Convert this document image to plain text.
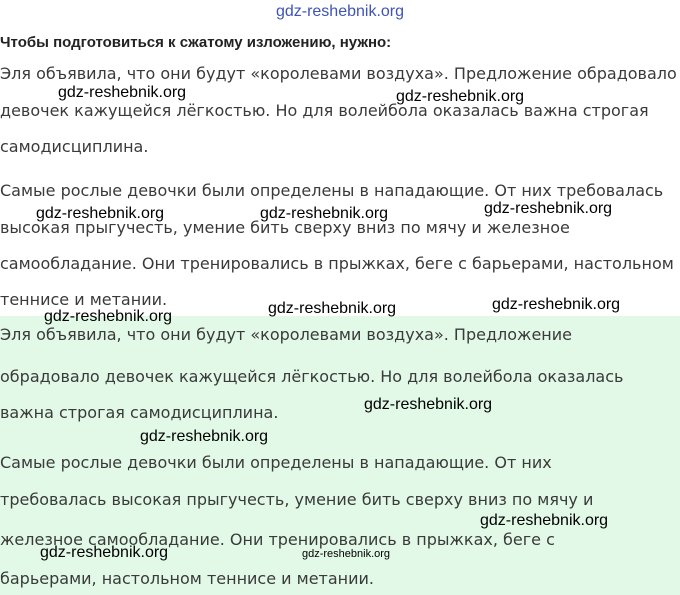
gdz-reshebnik.org
Чтобы подготовиться к сжатому изложению, нужно:
Эля объявила, что они будут «королевами воздуха». Предложение обрадовало
девочек кажущейся лёгкостью. Но для волейбола оказалась важна строгая
самодисциплина.
Самые рослые девочки были определены в нападающие. От них требовалась
высокая прыгучесть, умение бить сверху вниз по мячу и железное
самообладание. Они тренировались в прыжках, беге с барьерами, настольном
теннисе и метании.
Эля объявила, что они будут «королевами воздуха». Предложение
обрадовало девочек кажущейся лёгкостью. Но для волейбола оказалась
важна строгая самодисциплина.
Самые рослые девочки были определены в нападающие. От них
требовалась высокая прыгучесть, умение бить сверху вниз по мячу и
железное самообладание. Они тренировались в прыжках, беге с
барьерами, настольном теннисе и метании.
gdz-reshebnik.org	gdz-reshebnik.org
gdz-reshebnik.org
gdz-reshebnik.org	gdz-reshebnik.org
gdz-reshebnik.org
gdz-reshebnik.org
gdz-reshebnik.org
gdz-reshebnik.org
gdz-reshebnik.org
gdz-reshebnik.org
gdz-reshebnik.org	gdz-reshebnik.org
